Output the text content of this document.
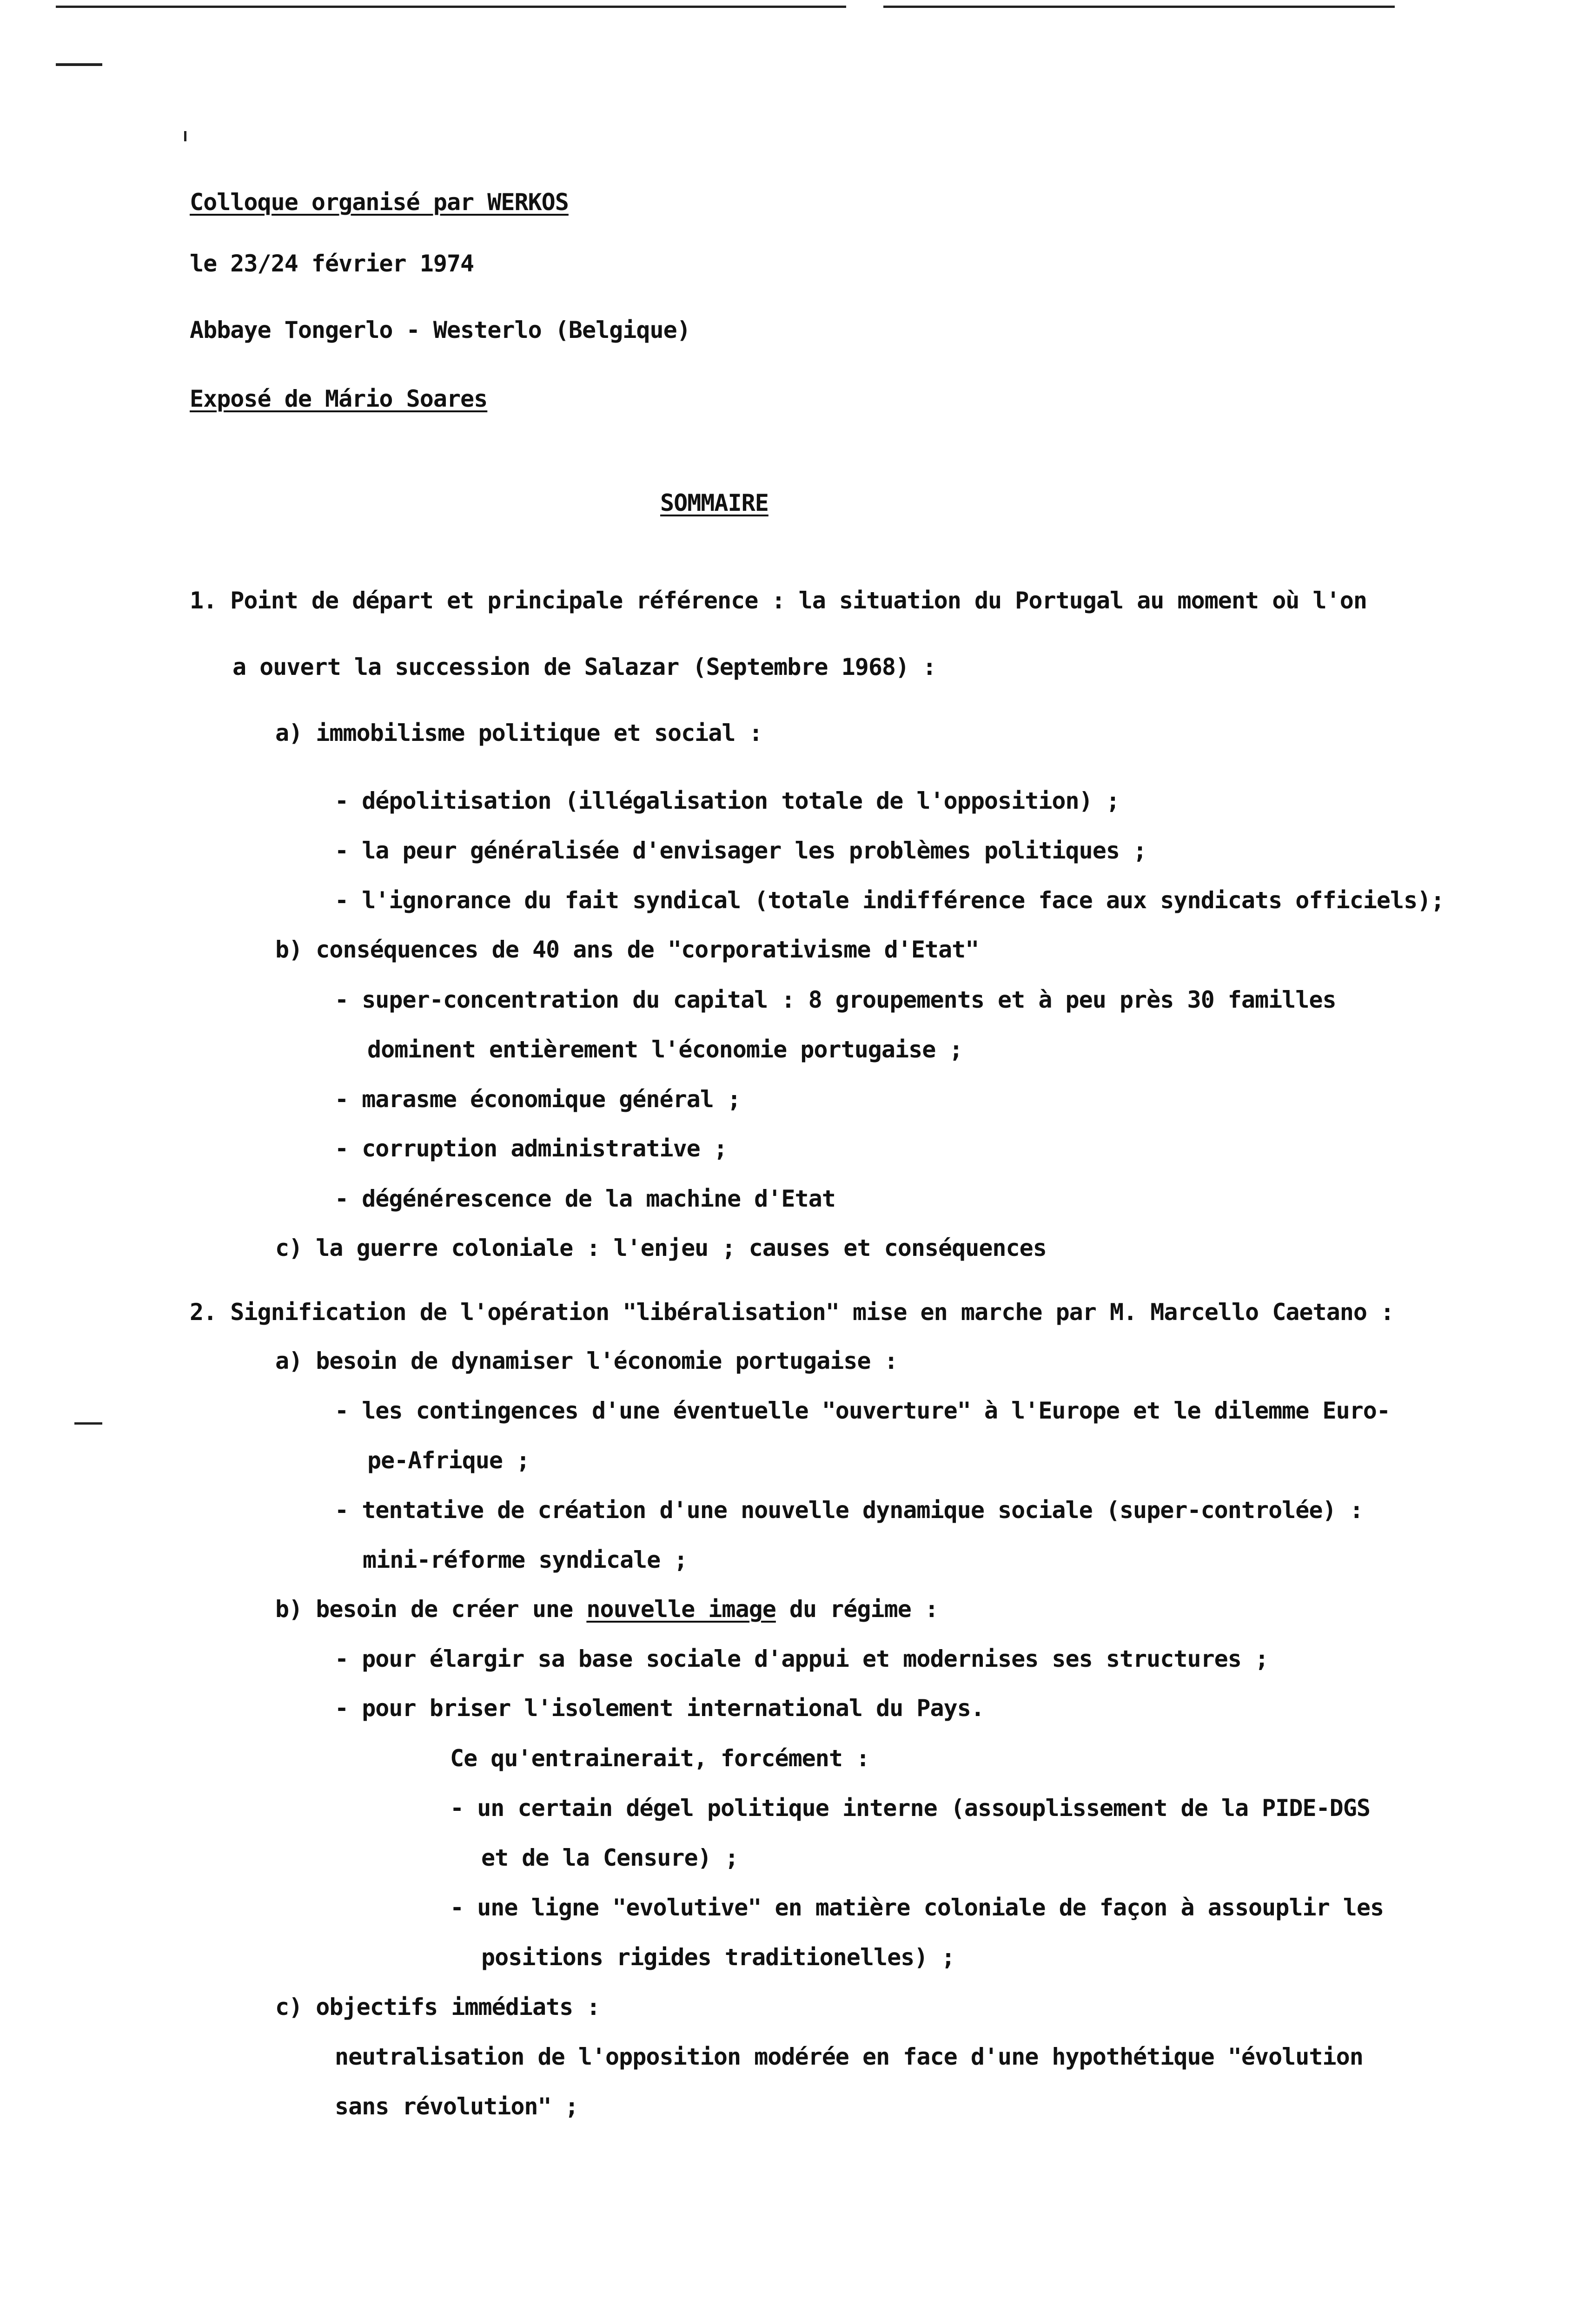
Colloque organisé par WERKOS
le 23/24 février 1974
Abbaye Tongerlo - Westerlo (Belgique)
Exposé de Mário Soares
SOMMAIRE
1. Point de départ et principale référence : la situation du Portugal au moment où l'on
a ouvert la succession de Salazar (Septembre 1968) :
a) immobilisme politique et social :
- dépolitisation (illégalisation totale de l'opposition) ;
- la peur généralisée d'envisager les problèmes politiques ;
- l'ignorance du fait syndical (totale indifférence face aux syndicats officiels);
b) conséquences de 40 ans de "corporativisme d'Etat"
- super-concentration du capital : 8 groupements et à peu près 30 familles
dominent entièrement l'économie portugaise ;
- marasme économique général ;
- corruption administrative ;
- dégénérescence de la machine d'Etat
c) la guerre coloniale : l'enjeu ; causes et conséquences
2. Signification de l'opération "libéralisation" mise en marche par M. Marcello Caetano :
a) besoin de dynamiser l'économie portugaise :
- les contingences d'une éventuelle "ouverture" à l'Europe et le dilemme Euro-
pe-Afrique ;
- tentative de création d'une nouvelle dynamique sociale (super-controlée) :
mini-réforme syndicale ;
b) besoin de créer une nouvelle image du régime :
- pour élargir sa base sociale d'appui et modernises ses structures ;
- pour briser l'isolement international du Pays.
Ce qu'entrainerait, forcément :
- un certain dégel politique interne (assouplissement de la PIDE-DGS
et de la Censure) ;
- une ligne "evolutive" en matière coloniale de façon à assouplir les
positions rigides traditionelles) ;
c) objectifs immédiats :
neutralisation de l'opposition modérée en face d'une hypothétique "évolution
sans révolution" ;
